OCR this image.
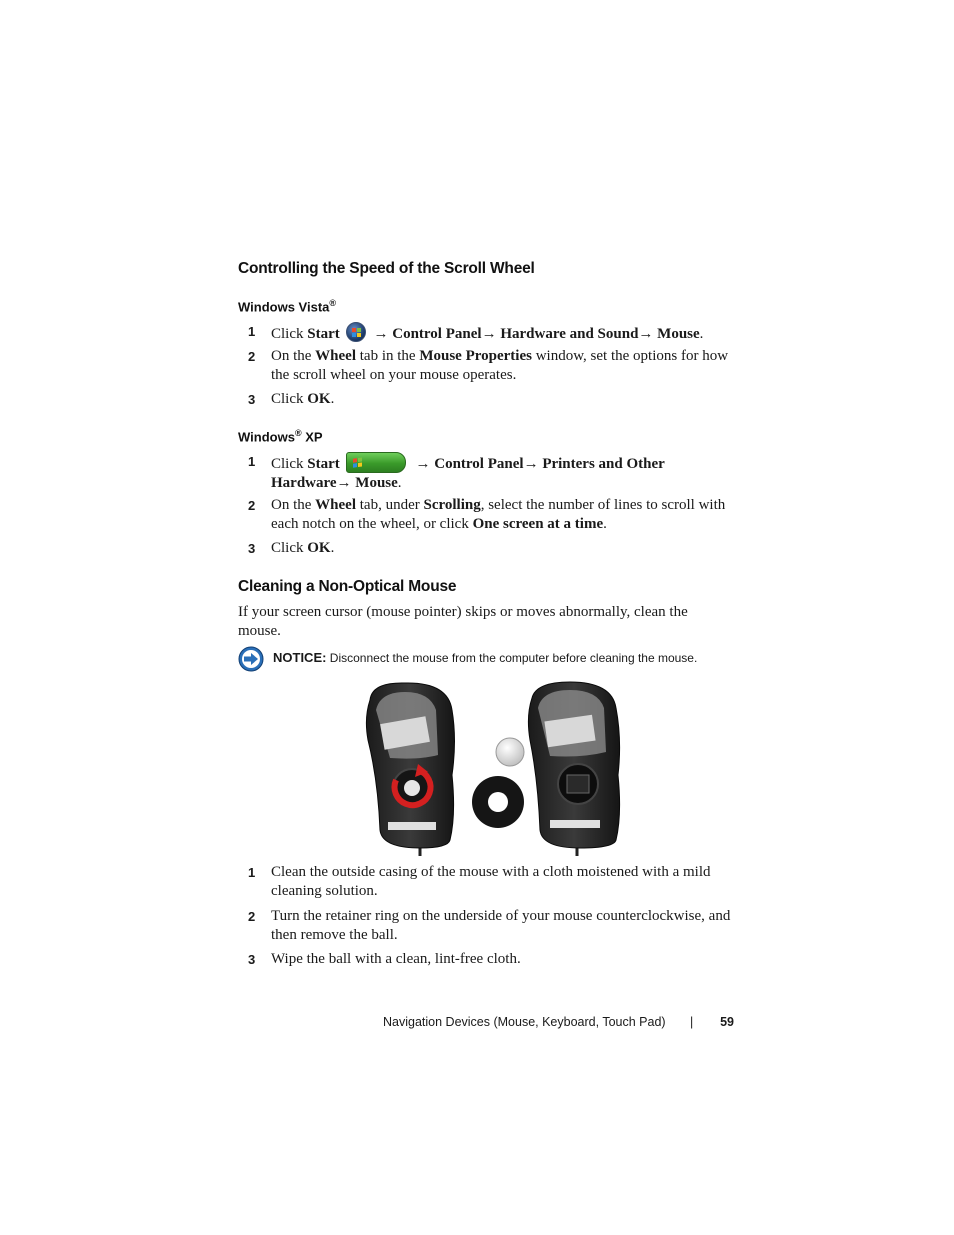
Controlling the Speed of the Scroll Wheel
Windows Vista®
1	Click Start → Control Panel→ Hardware and Sound→ Mouse.
2	On the Wheel tab in the Mouse Properties window, set the options for how the scroll wheel on your mouse operates.
3	Click OK.
Windows® XP
1	Click Start	→ Control Panel→ Printers and Other Hardware→ Mouse.
2	On the Wheel tab, under Scrolling, select the number of lines to scroll with each notch on the wheel, or click One screen at a time.
3	Click OK.
Cleaning a Non-Optical Mouse
If your screen cursor (mouse pointer) skips or moves abnormally, clean the mouse.
NOTICE: Disconnect the mouse from the computer before cleaning the mouse.
1	Clean the outside casing of the mouse with a cloth moistened with a mild cleaning solution.
2	Turn the retainer ring on the underside of your mouse counterclockwise, and then remove the ball.
3	Wipe the ball with a clean, lint-free cloth.
Navigation Devices (Mouse, Keyboard, Touch Pad) | 59
